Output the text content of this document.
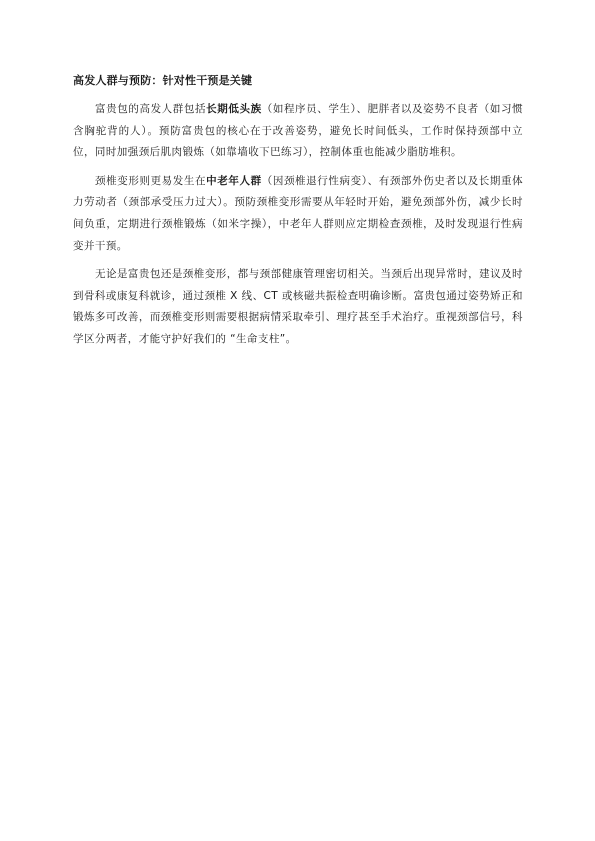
高发人群与预防：针对性干预是关键

富贵包的高发人群包括长期低头族（如程序员、学生）、肥胖者以及姿势不良者（如习惯含胸驼背的人）。预防富贵包的核心在于改善姿势，避免长时间低头，工作时保持颈部中立位，同时加强颈后肌肉锻炼（如靠墙收下巴练习），控制体重也能减少脂肪堆积。

颈椎变形则更易发生在中老年人群（因颈椎退行性病变）、有颈部外伤史者以及长期重体力劳动者（颈部承受压力过大）。预防颈椎变形需要从年轻时开始，避免颈部外伤，减少长时间负重，定期进行颈椎锻炼（如米字操），中老年人群则应定期检查颈椎，及时发现退行性病变并干预。

无论是富贵包还是颈椎变形，都与颈部健康管理密切相关。当颈后出现异常时，建议及时到骨科或康复科就诊，通过颈椎 X 线、CT 或核磁共振检查明确诊断。富贵包通过姿势矫正和锻炼多可改善，而颈椎变形则需要根据病情采取牵引、理疗甚至手术治疗。重视颈部信号，科学区分两者，才能守护好我们的 “生命支柱”。
